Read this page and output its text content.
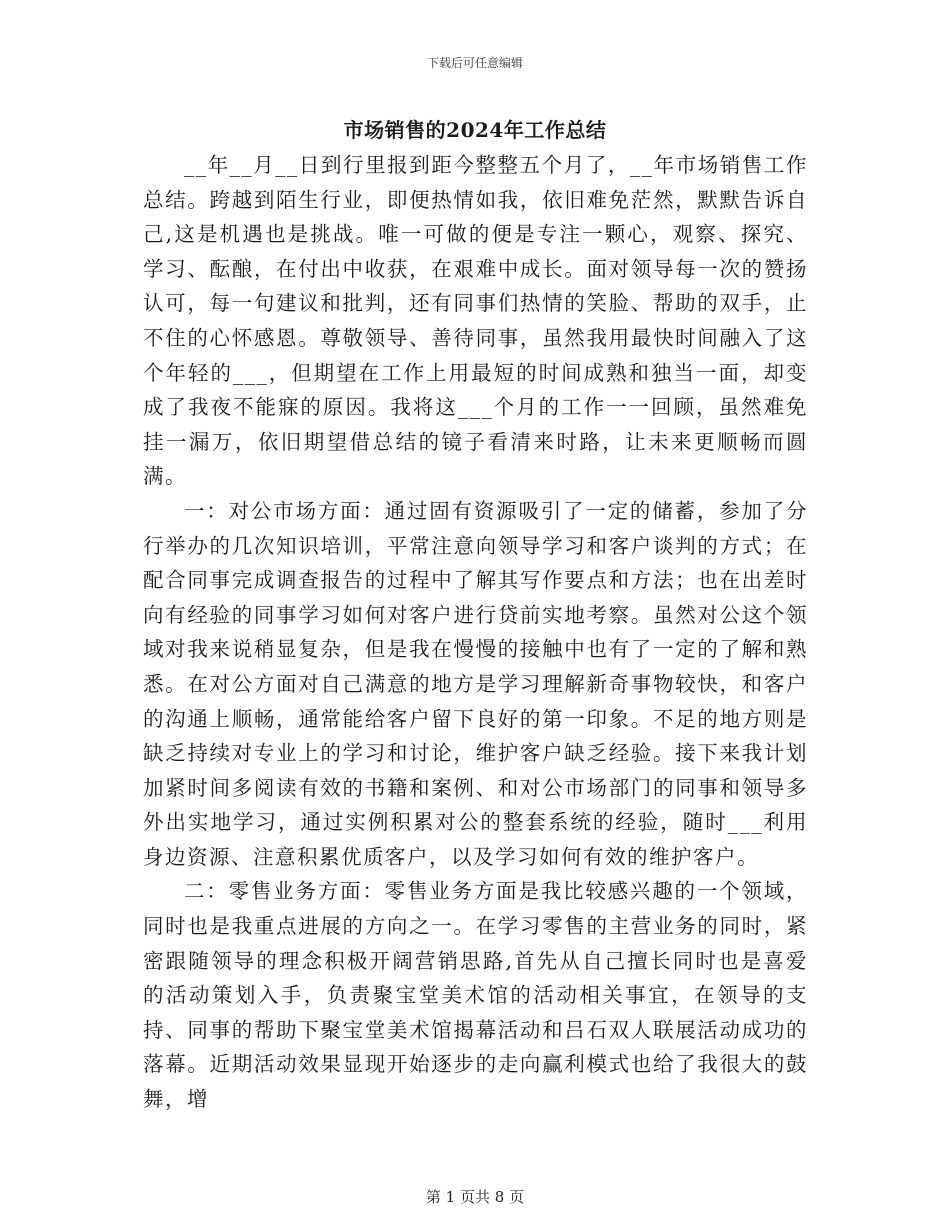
下载后可任意编辑
市场销售的2024年工作总结

__年__月__日到行里报到距今整整五个月了，__年市场销售工作总结。跨越到陌生行业，即便热情如我，依旧难免茫然，默默告诉自己,这是机遇也是挑战。唯一可做的便是专注一颗心，观察、探究、学习、酝酿，在付出中收获，在艰难中成长。面对领导每一次的赞扬认可，每一句建议和批判，还有同事们热情的笑脸、帮助的双手，止不住的心怀感恩。尊敬领导、善待同事，虽然我用最快时间融入了这个年轻的___，但期望在工作上用最短的时间成熟和独当一面，却变成了我夜不能寐的原因。我将这___个月的工作一一回顾，虽然难免挂一漏万，依旧期望借总结的镜子看清来时路，让未来更顺畅而圆满。

一：对公市场方面：通过固有资源吸引了一定的储蓄，参加了分行举办的几次知识培训，平常注意向领导学习和客户谈判的方式；在配合同事完成调查报告的过程中了解其写作要点和方法；也在出差时向有经验的同事学习如何对客户进行贷前实地考察。虽然对公这个领域对我来说稍显复杂，但是我在慢慢的接触中也有了一定的了解和熟悉。在对公方面对自己满意的地方是学习理解新奇事物较快，和客户的沟通上顺畅，通常能给客户留下良好的第一印象。不足的地方则是缺乏持续对专业上的学习和讨论，维护客户缺乏经验。接下来我计划加紧时间多阅读有效的书籍和案例、和对公市场部门的同事和领导多外出实地学习，通过实例积累对公的整套系统的经验，随时___利用身边资源、注意积累优质客户，以及学习如何有效的维护客户。

二：零售业务方面：零售业务方面是我比较感兴趣的一个领域，同时也是我重点进展的方向之一。在学习零售的主营业务的同时，紧密跟随领导的理念积极开阔营销思路,首先从自己擅长同时也是喜爱的活动策划入手，负责聚宝堂美术馆的活动相关事宜，在领导的支持、同事的帮助下聚宝堂美术馆揭幕活动和吕石双人联展活动成功的落幕。近期活动效果显现开始逐步的走向赢利模式也给了我很大的鼓舞，增

第 1 页共 8 页
